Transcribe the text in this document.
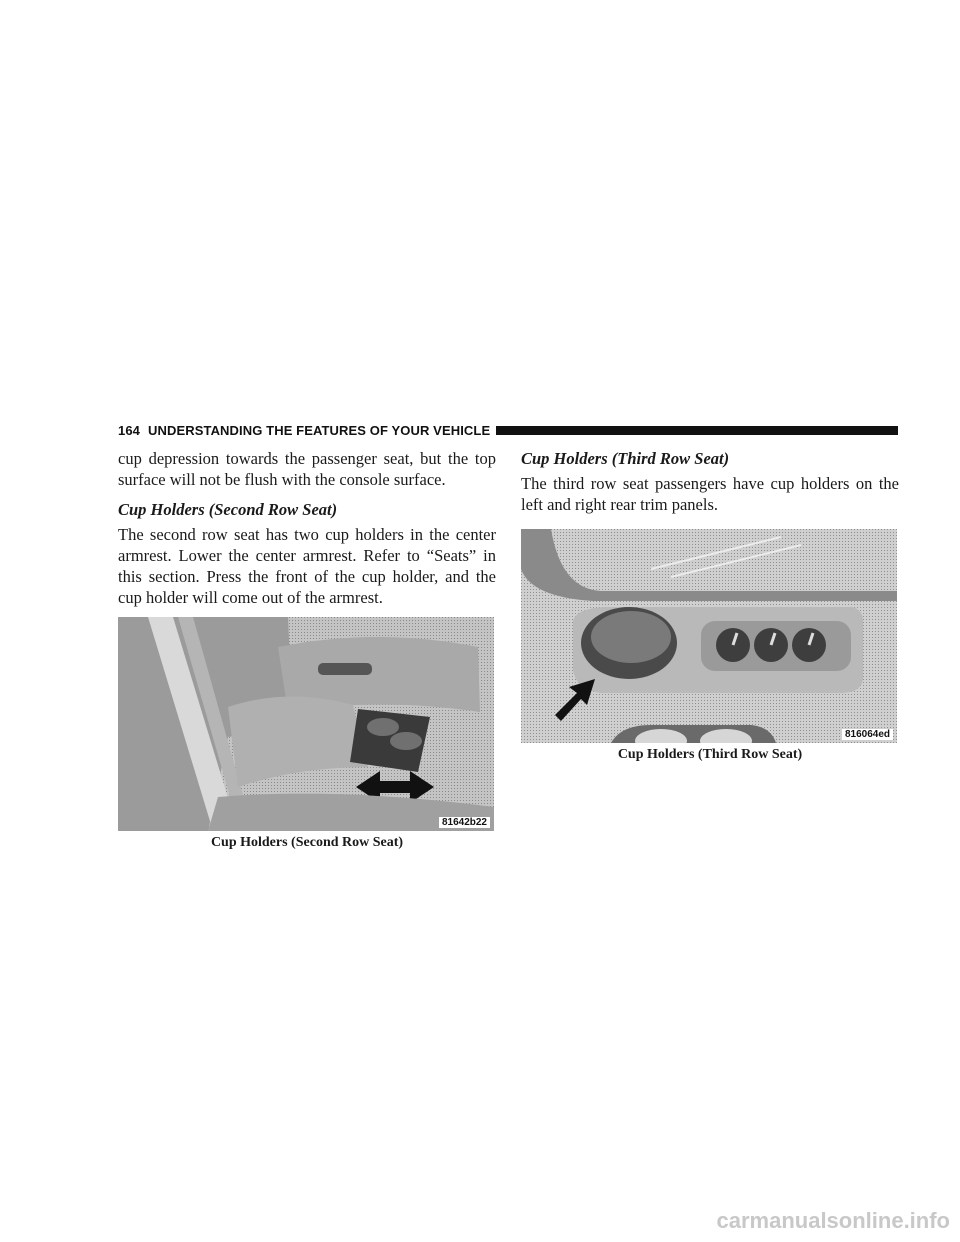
164 UNDERSTANDING THE FEATURES OF YOUR VEHICLE

cup depression towards the passenger seat, but the top surface will not be flush with the console surface.

Cup Holders (Second Row Seat)

The second row seat has two cup holders in the center armrest. Lower the center armrest. Refer to “Seats” in this section. Press the front of the cup holder, and the cup holder will come out of the armrest.

81642b22
Cup Holders (Second Row Seat)
Cup Holders (Third Row Seat)

The third row seat passengers have cup holders on the left and right rear trim panels.

816064ed
Cup Holders (Third Row Seat)
carmanualsonline.info
